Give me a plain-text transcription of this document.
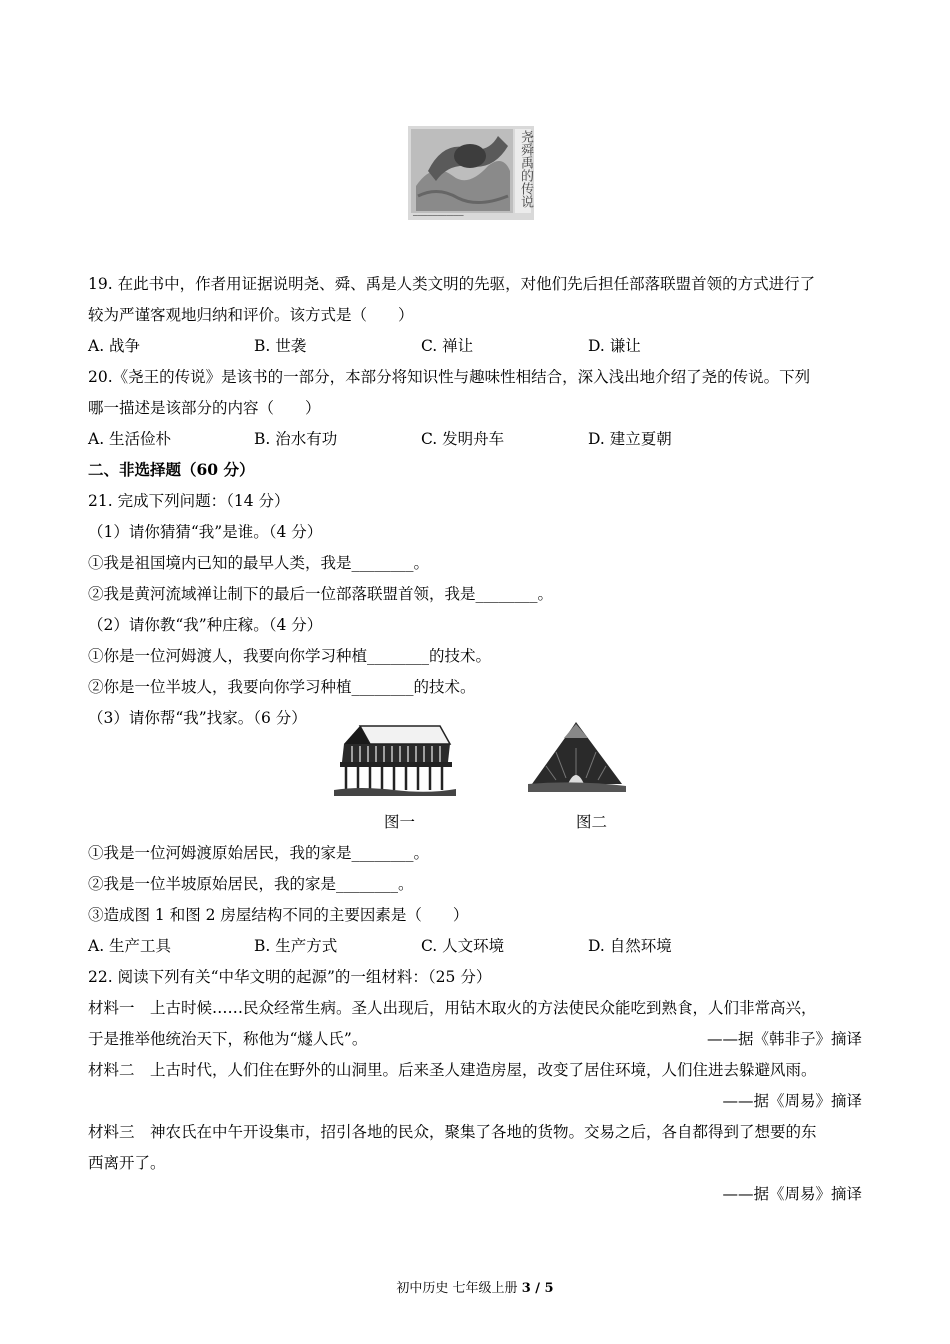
━━━━━━━━━━━━━━━━━━━━━
尧舜禹的传说
19. 在此书中，作者用证据说明尧、舜、禹是人类文明的先驱，对他们先后担任部落联盟首领的方式进行了
较为严谨客观地归纳和评价。该方式是（　　）
A. 战争	B. 世袭	C. 禅让	D. 谦让
20.《尧王的传说》是该书的一部分，本部分将知识性与趣味性相结合，深入浅出地介绍了尧的传说。下列
哪一描述是该部分的内容（　　）
A. 生活俭朴	B. 治水有功	C. 发明舟车	D. 建立夏朝
二、非选择题（60 分）
21. 完成下列问题：（14 分）
（1）请你猜猜“我”是谁。（4 分）
①我是祖国境内已知的最早人类，我是________。
②我是黄河流域禅让制下的最后一位部落联盟首领，我是________。
（2）请你教“我”种庄稼。（4 分）
①你是一位河姆渡人，我要向你学习种植________的技术。
②你是一位半坡人，我要向你学习种植________的技术。
（3）请你帮“我”找家。（6 分）
图一	图二
①我是一位河姆渡原始居民，我的家是________。
②我是一位半坡原始居民，我的家是________。
③造成图 1 和图 2 房屋结构不同的主要因素是（　　）
A. 生产工具	B. 生产方式	C. 人文环境	D. 自然环境
22. 阅读下列有关“中华文明的起源”的一组材料：（25 分）
材料一　上古时候……民众经常生病。圣人出现后，用钻木取火的方法使民众能吃到熟食，人们非常高兴，
于是推举他统治天下，称他为“燧人氏”。	——据《韩非子》摘译
材料二　上古时代，人们住在野外的山洞里。后来圣人建造房屋，改变了居住环境，人们住进去躲避风雨。
——据《周易》摘译
材料三　神农氏在中午开设集市，招引各地的民众，聚集了各地的货物。交易之后，各自都得到了想要的东
西离开了。
——据《周易》摘译
初中历史 七年级上册 3 / 5
